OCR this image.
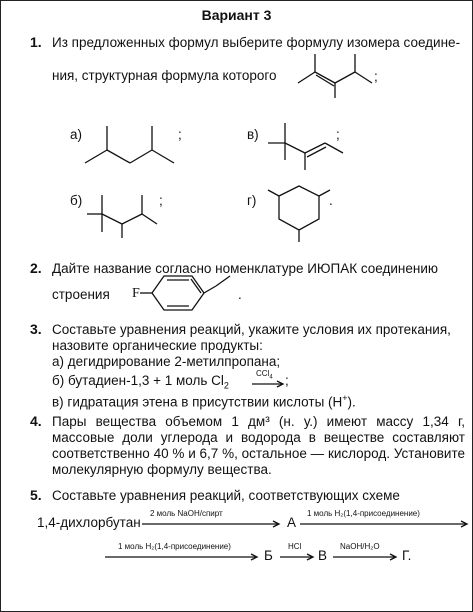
Вариант 3
1. Из предложенных формул выберите формулу изомера соедине-
ния, структурная формула которого	;
а)	;	в)	;
б)	;	г)	.
2. Дайте название согласно номенклатуре ИЮПАК соединению
строения F	.
3. Составьте уравнения реакций, укажите условия их протекания,
назовите органические продукты:
а) дегидрирование 2-метилпропана;
б) бутадиен-1,3 + 1 моль $Cl_2$
CCl$_4$ ;
в) гидратация этена в присутствии кислоты (H+).
4. Пары вещества объемом 1 дм³ (н. у.) имеют массу 1,34 г, массовые доли углерода и водорода в веществе составляют соответственно 40 % и 6,7 %, остальное — кислород. Установите молекулярную формулу вещества.
5. Составьте уравнения реакций, соответствующих схеме
1,4-дихлорбутан
2 моль NaOH/спирт
A
1 моль H₂(1,4-присоединение)
1 моль H₂(1,4-присоединение)
Б
HCl
В
NaOH/H₂O
Г.
